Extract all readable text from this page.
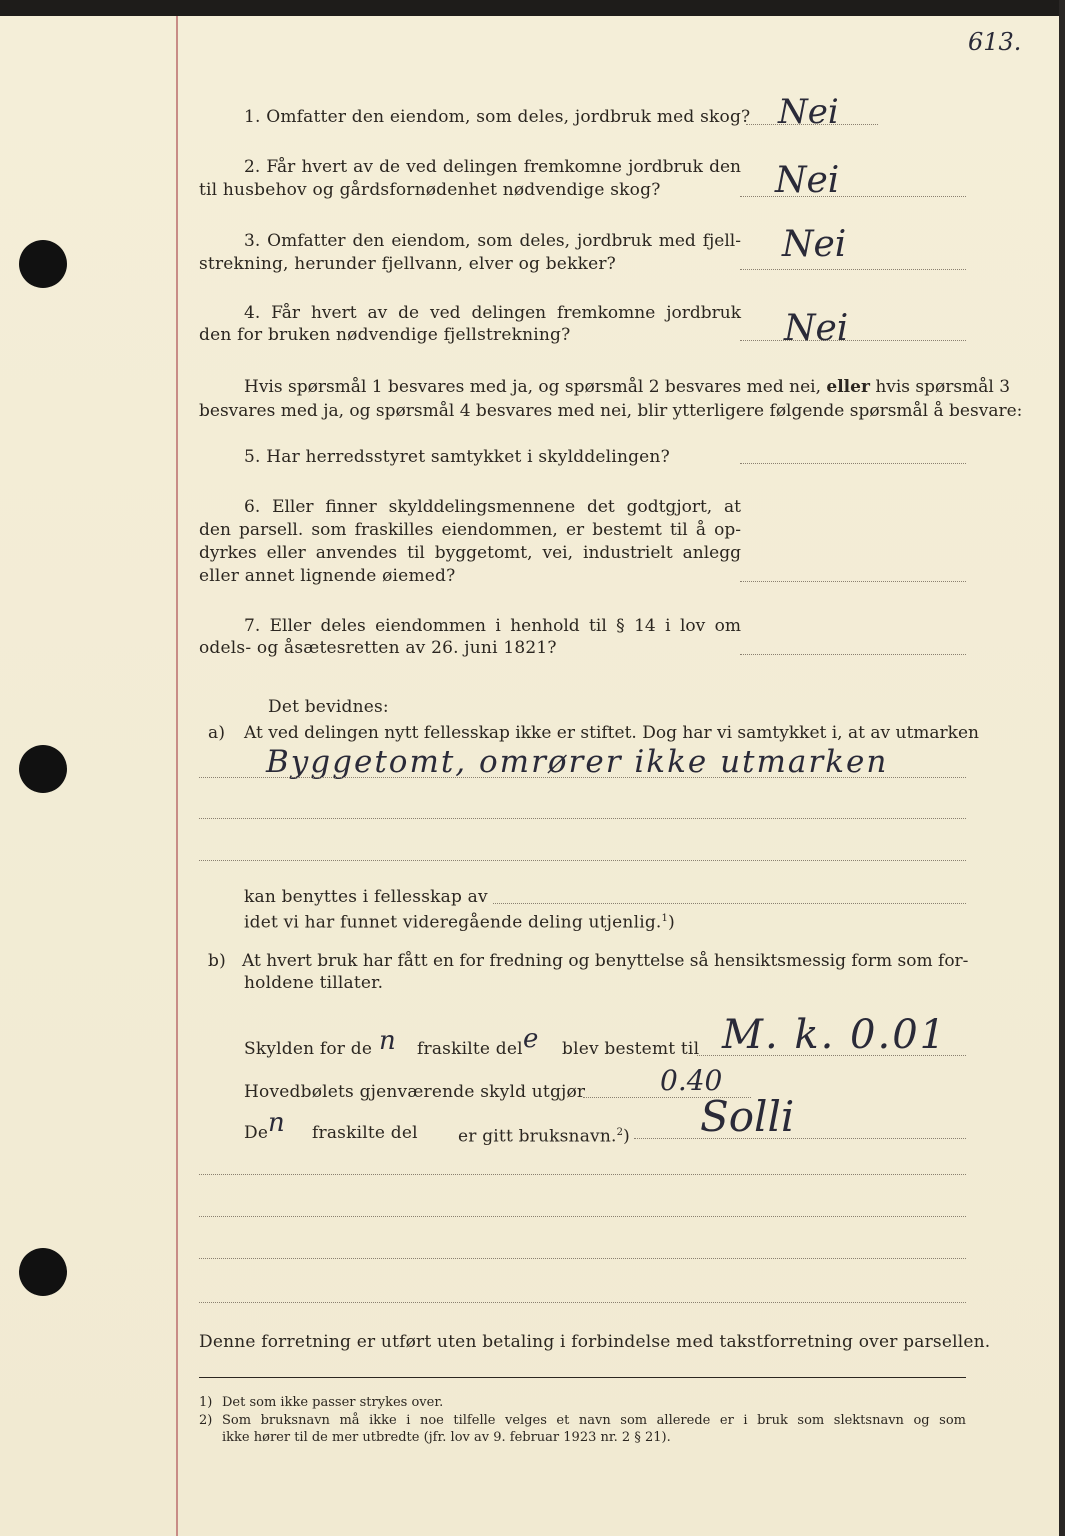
613.
1. Omfatter den eiendom, som deles, jordbruk med skog? Nei
2. Får hvert av de ved delingen fremkomne jordbruk den
til husbehov og gårdsfornødenhet nødvendige skog?	Nei
3. Omfatter den eiendom, som deles, jordbruk med fjell-
strekning, herunder fjellvann, elver og bekker?	Nei
4. Får hvert av de ved delingen fremkomne jordbruk
den for bruken nødvendige fjellstrekning?	Nei
Hvis spørsmål 1 besvares med ja, og spørsmål 2 besvares med nei, eller hvis spørsmål 3
besvares med ja, og spørsmål 4 besvares med nei, blir ytterligere følgende spørsmål å besvare:
5. Har herredsstyret samtykket i skylddelingen?
6. Eller finner skylddelingsmennene det godtgjort, at
den parsell. som fraskilles eiendommen, er bestemt til å op-
dyrkes eller anvendes til byggetomt, vei, industrielt anlegg
eller annet lignende øiemed?
7. Eller deles eiendommen i henhold til § 14 i lov om
odels- og åsætesretten av 26. juni 1821?
Det bevidnes:
a) At ved delingen nytt fellesskap ikke er stiftet. Dog har vi samtykket i, at av utmarken
Byggetomt, omrører ikke utmarken
kan benyttes i fellesskap av
idet vi har funnet videregående deling utjenlig.$^1$)
b) At hvert bruk har fått en for fredning og benyttelse så hensiktsmessig form som for-
holdene tillater.
Skylden for de n fraskilte del e blev bestemt til M. k. 0.01
Hovedbølets gjenværende skyld utgjør	0.40
De n fraskilte del er gitt bruksnavn.$^2$) Solli
Denne forretning er utført uten betaling i forbindelse med takstforretning over parsellen.
1) Det som ikke passer strykes over.
2) Som bruksnavn må ikke i noe tilfelle velges et navn som allerede er i bruk som slektsnavn og som
ikke hører til de mer utbredte (jfr. lov av 9. februar 1923 nr. 2 § 21).
